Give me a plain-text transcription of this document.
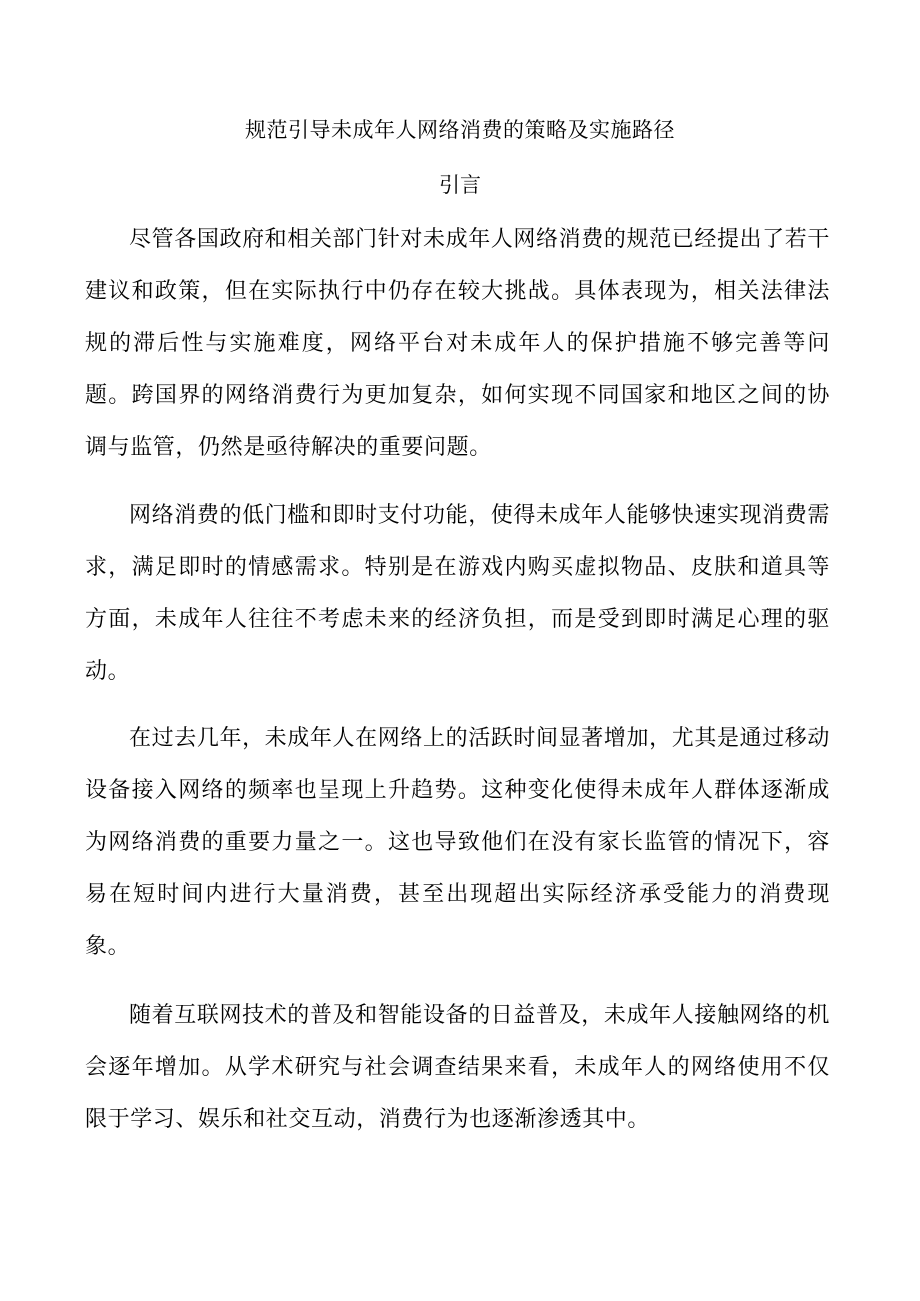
规范引导未成年人网络消费的策略及实施路径
引言

尽管各国政府和相关部门针对未成年人网络消费的规范已经提出了若干建议和政策，但在实际执行中仍存在较大挑战。具体表现为，相关法律法规的滞后性与实施难度，网络平台对未成年人的保护措施不够完善等问题。跨国界的网络消费行为更加复杂，如何实现不同国家和地区之间的协调与监管，仍然是亟待解决的重要问题。

网络消费的低门槛和即时支付功能，使得未成年人能够快速实现消费需求，满足即时的情感需求。特别是在游戏内购买虚拟物品、皮肤和道具等方面，未成年人往往不考虑未来的经济负担，而是受到即时满足心理的驱动。

在过去几年，未成年人在网络上的活跃时间显著增加，尤其是通过移动设备接入网络的频率也呈现上升趋势。这种变化使得未成年人群体逐渐成为网络消费的重要力量之一。这也导致他们在没有家长监管的情况下，容易在短时间内进行大量消费，甚至出现超出实际经济承受能力的消费现象。

随着互联网技术的普及和智能设备的日益普及，未成年人接触网络的机会逐年增加。从学术研究与社会调查结果来看，未成年人的网络使用不仅限于学习、娱乐和社交互动，消费行为也逐渐渗透其中。
